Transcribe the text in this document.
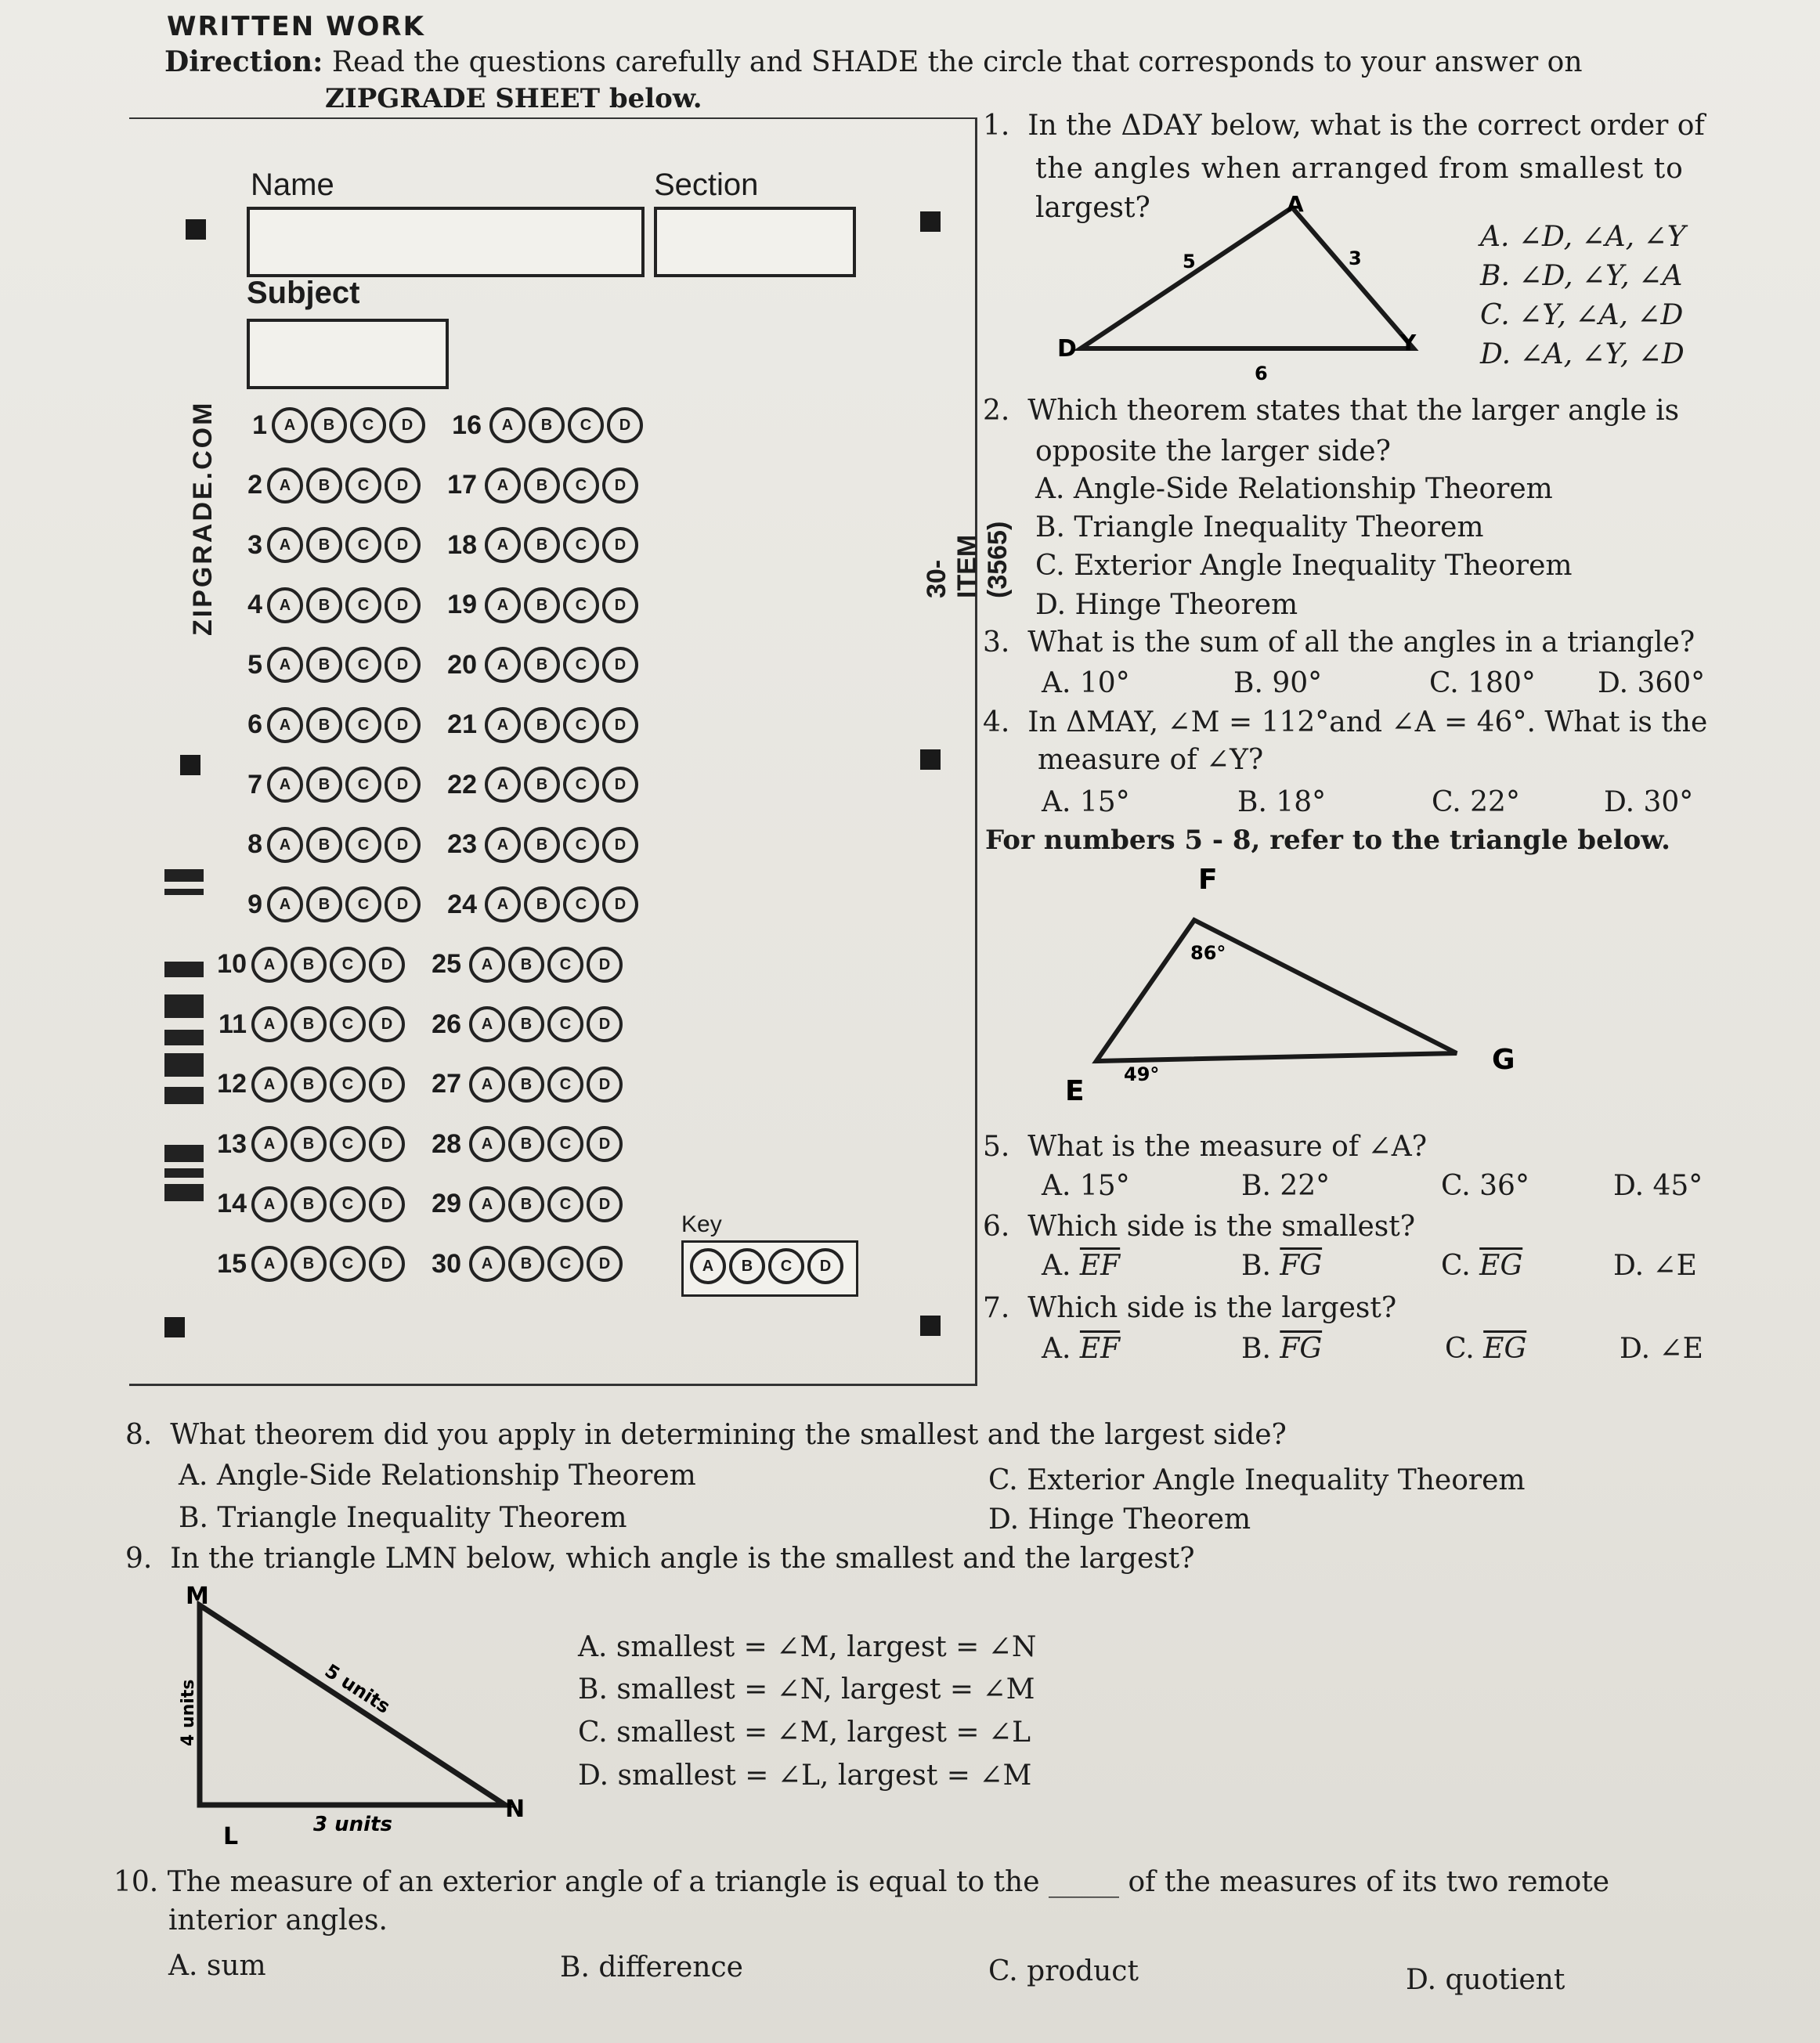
WRITTEN WORK
Direction: Read the questions carefully and SHADE the circle that corresponds to your answer on
ZIPGRADE SHEET below.
Name	Section
Subject
ZIPGRADE.COM	30-ITEM (3565)
1	A	B	C	D	16	A	B	C	D
2	A	B	C	D	17	A	B	C	D
3	A	B	C	D	18	A	B	C	D
4	A	B	C	D	19	A	B	C	D
5	A	B	C	D	20	A	B	C	D
6	A	B	C	D	21	A	B	C	D
7	A	B	C	D	22	A	B	C	D
8	A	B	C	D	23	A	B	C	D
9	A	B	C	D	24	A	B	C	D
10	A	B	C	D	25	A	B	C	D
11	A	B	C	D	26	A	B	C	D
12	A	B	C	D	27	A	B	C	D
13	A	B	C	D	28	A	B	C	D
14	A	B	C	D	29	A	B	C	D
15	A	B	C	D	30	A	B	C	D
Key
A B C D
1. In the ΔDAY below, what is the correct order of
the angles when arranged from smallest to
largest?	A
D	Y
5	3
6
A. ∠D, ∠A, ∠Y
B. ∠D, ∠Y, ∠A
C. ∠Y, ∠A, ∠D
D. ∠A, ∠Y, ∠D
2. Which theorem states that the larger angle is
opposite the larger side?
A. Angle-Side Relationship Theorem
B. Triangle Inequality Theorem
C. Exterior Angle Inequality Theorem
D. Hinge Theorem
3. What is the sum of all the angles in a triangle?
A. 10°	B. 90°	C. 180° D. 360°
4. In ΔMAY, ∠M = 112°and ∠A = 46°. What is the
measure of ∠Y?
A. 15°	B. 18°	C. 22°	D. 30°
For numbers 5 - 8, refer to the triangle below.
F
E
G
86°
49°
5. What is the measure of ∠A?
A. 15°	B. 22°	C. 36°	D. 45°
6. Which side is the smallest?
A. $\overline{EF}$	B. $\overline{FG}$	C. $\overline{EG}$	D. ∠E
7. Which side is the largest?
A. $\overline{EF}$	B. $\overline{FG}$	C. $\overline{EG}$	D. ∠E
8. What theorem did you apply in determining the smallest and the largest side?
A. Angle-Side Relationship Theorem	C. Exterior Angle Inequality Theorem
B. Triangle Inequality Theorem	D. Hinge Theorem
9. In the triangle LMN below, which angle is the smallest and the largest?
M
L
N
4 units	5 units
3 units
A. smallest = ∠M, largest = ∠N
B. smallest = ∠N, largest = ∠M
C. smallest = ∠M, largest = ∠L
D. smallest = ∠L, largest = ∠M
10. The measure of an exterior angle of a triangle is equal to the _____ of the measures of its two remote
interior angles.
A. sum	B. difference	C. product	D. quotient
